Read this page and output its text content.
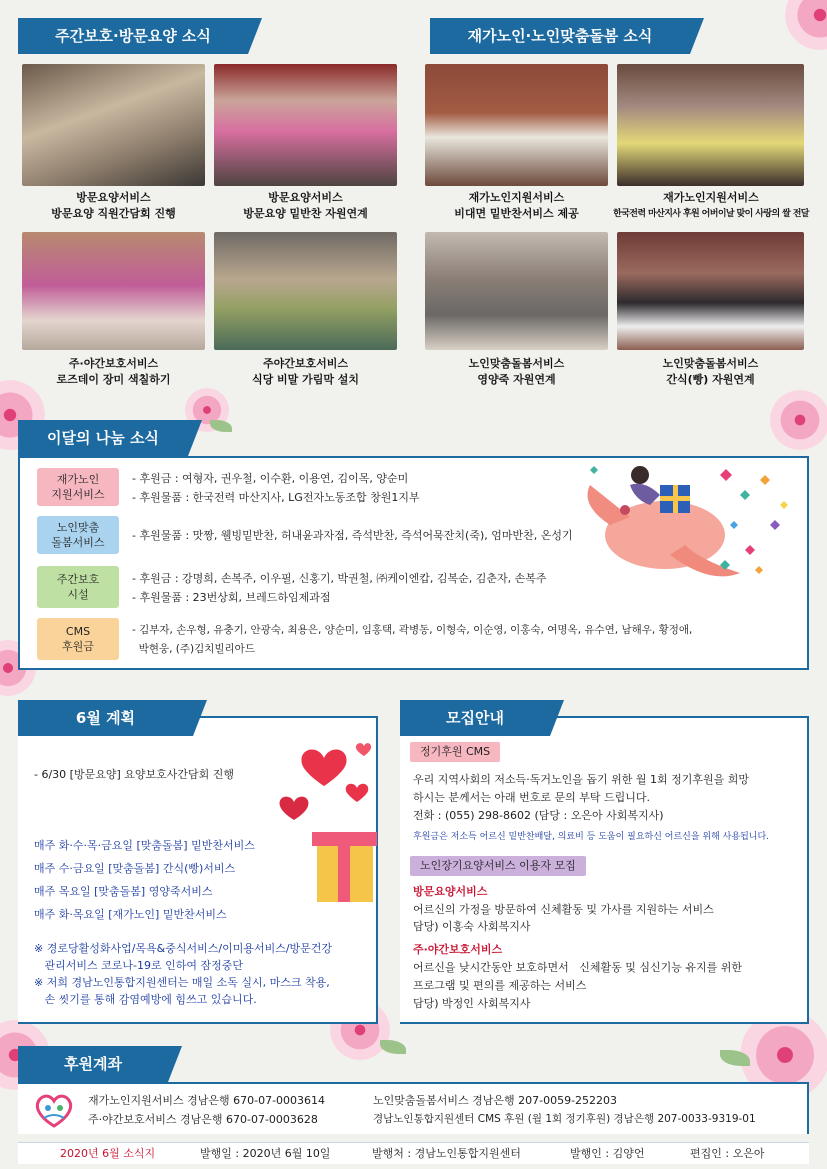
주간보호·방문요양 소식	재가노인·노인맞춤돌봄 소식
방문요양서비스
방문요양 직원간담회 진행
방문요양서비스
방문요양 밑반찬 자원연계
주·야간보호서비스
로즈데이 장미 색칠하기
주야간보호서비스
식당 비말 가림막 설치
재가노인지원서비스
비대면 밑반찬서비스 제공
재가노인지원서비스
한국전력 마산지사 후원 어버이날 맞이 사랑의 쌀 전달
노인맞춤돌봄서비스
영양죽 자원연계
노인맞춤돌봄서비스
간식(빵) 자원연계
이달의 나눔 소식
재가노인
지원서비스
- 후원금 : 여형자, 권우철, 이수환, 이용연, 김이목, 양순미
- 후원물품 : 한국전력 마산지사, LG전자노동조합 창원1지부
노인맞춤
돌봄서비스
- 후원물품 : 맛짱, 웰빙밑반찬, 허내윤과자점, 즉석반찬, 즉석어묵잔치(죽), 엄마반찬, 온성기
주간보호
시설
- 후원금 : 강명희, 손복주, 이우필, 신홍기, 박권철, ㈜케이엔캅, 김복순, 김춘자, 손복주
- 후원물품 : 23번상회, 브레드하임제과점
CMS
후원금
- 김부자, 손우형, 유충기, 안광숙, 최용은, 양순미, 임홍택, 곽병동, 이형숙, 이순영, 이홍숙, 여명옥, 유수연, 남해우, 황정애,
박현웅, (주)김치빌리아드
6월 계획
- 6/30 [방문요양] 요양보호사간담회 진행
매주 화·수·목·금요일 [맞춤돌봄] 밑반찬서비스
매주 수·금요일 [맞춤돌봄] 간식(빵)서비스
매주 목요일 [맞춤돌봄] 영양죽서비스
매주 화·목요일 [재가노인] 밑반찬서비스
※ 경로당활성화사업/목욕&중식서비스/이미용서비스/방문건강
관리서비스 코로나-19로 인하여 잠정중단
※ 저희 경남노인통합지원센터는 매일 소독 실시, 마스크 착용,
손 씻기를 통해 감염예방에 힘쓰고 있습니다.
모집안내
정기후원 CMS
우리 지역사회의 저소득·독거노인을 돕기 위한 월 1회 정기후원을 희망
하시는 분께서는 아래 번호로 문의 부탁 드립니다.
전화 : (055) 298-8602 (담당 : 오은아 사회복지사)
후원금은 저소득 어르신 밑반찬배달, 의료비 등 도움이 필요하신 어르신을 위해 사용됩니다.
노인장기요양서비스 이용자 모집
방문요양서비스
어르신의 가정을 방문하여 신체활동 및 가사를 지원하는 서비스
담당) 이홍숙 사회복지사
주·야간보호서비스
어르신을 낮시간동안 보호하면서   신체활동 및 심신기능 유지를 위한
프로그램 및 편의를 제공하는 서비스
담당) 박정인 사회복지사
후원계좌
재가노인지원서비스 경남은행 670-07-0003614
주·야간보호서비스 경남은행 670-07-0003628
노인맞춤돌봄서비스 경남은행 207-0059-252203
경남노인통합지원센터 CMS 후원 (월 1회 정기후원) 경남은행 207-0033-9319-01
2020년 6월 소식지	발행일 : 2020년 6월 10일	발행처 : 경남노인통합지원센터	발행인 : 김양언	편집인 : 오은아
